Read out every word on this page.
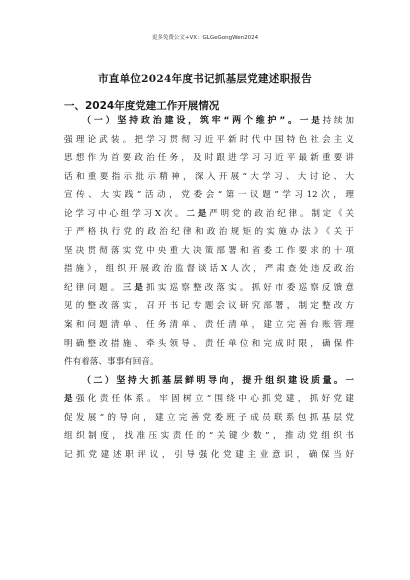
更多免费公文+VX：GLGeGongWen2024
市直单位2024年度书记抓基层党建述职报告
一、2024年度党建工作开展情况
（一）坚持政治建设，筑牢“两个维护”。一是持续加
强理论武装。把学习贯彻习近平新时代中国特色社会主义
思想作为首要政治任务，及时跟进学习习近平最新重要讲
话和重要指示批示精神，深入开展“大学习、大讨论、大
宣传、大实践”活动，党委会“第一议题”学习12次，理
论学习中心组学习X次。二是严明党的政治纪律。制定《关
于严格执行党的政治纪律和政治规矩的实施办法》《关于
坚决贯彻落实党中央重大决策部署和省委工作要求的十项
措施》，组织开展政治监督谈话X人次，严肃查处违反政治
纪律问题。三是抓实巡察整改落实。抓好市委巡察反馈意
见的整改落实，召开书记专题会议研究部署，制定整改方
案和问题清单、任务清单、责任清单，建立完善台账管理
明确整改措施、牵头领导、责任单位和完成时限，确保件
件有着落、事事有回音。
（二）坚持大抓基层鲜明导向，提升组织建设质量。一
是强化责任体系。牢固树立“围绕中心抓党建，抓好党建
促发展”的导向，建立完善党委班子成员联系包抓基层党
组织制度，找准压实责任的“关键少数”，推动党组织书
记抓党建述职评议，引导强化党建主业意识，确保当好
